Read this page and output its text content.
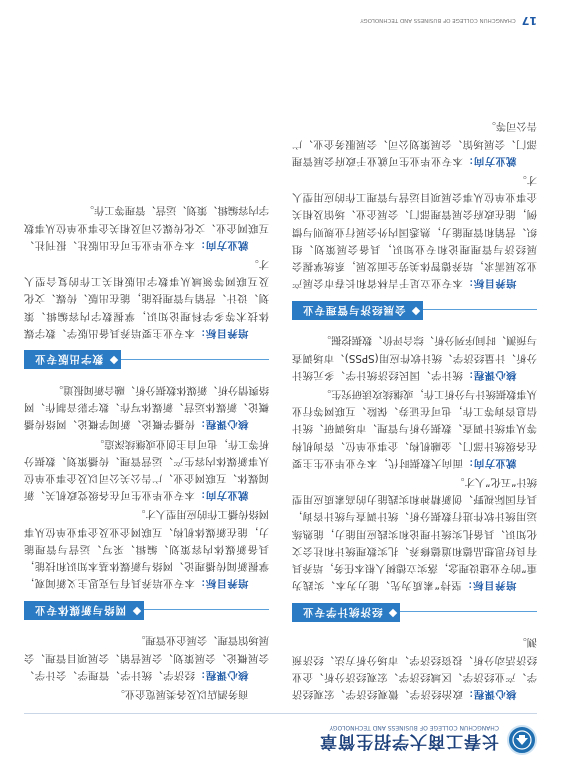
长春工商大学招生简章
CHANGCHUN COLLEGE OF BUSINESS AND TECHNOLOGY

核心课程：政治经济学、微观经济学、宏观经济学、产业经济学、区域经济学、宏观经济分析、企业经济活动分析、投资经济学、市场分析方法、经济预测。

经济统计学专业

培养目标：坚持“素质为先、能力为本、实践为重”的专业建设理念，落实立德树人根本任务，培养具有良好思想品德和道德修养、扎实数理统计和社会文化知识、具备扎实统计理论和实践应用能力，能熟练运用统计软件进行数据分析、统计调查与统计咨询，具有国际视野、创新精神和实践能力的高素质应用型统计“五化”人才。

就业方向：面向大数据时代，本专业毕业生主要在各级统计部门、金融机构、企事业单位、咨询机构等从事统计调查、数据分析与管理、市场调研、统计信息咨询等工作，也可在证券、保险、互联网等行业从事数据统计与分析工作，或继续攻读研究生。

核心课程：统计学、国民经济统计学、多元统计分析、计量经济学、统计软件应用(SPSS)、市场调查与预测、时间序列分析、综合评价、数据挖掘。

会展经济与管理专业

培养目标：本专业立足于吉林省和长春市会展产业发展需求，培养德智体美劳全面发展，系统掌握会展经济与管理理论和专业知识，具备会展策划、组织、营销和管理能力，熟悉国内外会展行业规则与惯例，能在政府会展管理部门、会展企业、场馆及相关企事业单位从事会展项目运营与管理工作的应用型人才。

就业方向：本专业毕业生可就业于政府会展管理部门、会展场馆、会展策划公司、会展服务企业、广告公司等。

商务酒店以及各类展览企业。

核心课程：经济学、统计学、管理学、会计学、会展概论、会展策划、会展营销、会展项目管理、会展场馆管理、会展企业管理。

网络与新媒体专业

培养目标：本专业培养具有马克思主义新闻观，掌握新闻传播理论、网络与新媒体基本知识和技能，具备新媒体内容策划、编辑、采写、运营与管理能力，能在新媒体机构、互联网企业及企事业单位从事网络传播工作的应用型人才。

就业方向：本专业毕业生可在各级党政机关、新闻媒体、互联网企业、广告公关公司以及企事业单位从事新媒体内容生产、运营管理、传播策划、数据分析等工作，也可自主创业或继续深造。

核心课程：传播学概论、新闻学概论、网络传播概论、新媒体运营、新媒体写作、数字影音制作、网络舆情分析、新媒体数据分析、融合新闻报道。

数字出版专业

培养目标：本专业主要培养具备出版学、数字媒体技术等多学科理论知识，掌握数字内容编辑、策划、设计、营销与管理技能，能在出版、传媒、文化及互联网等领域从事数字出版相关工作的复合型人才。

就业方向：本专业毕业生可在出版社、报刊社、互联网企业、文化传媒公司及相关企事业单位从事数字内容编辑、策划、运营、管理等工作。

17
CHANGCHUN COLLEGE OF BUSINESS AND TECHNOLOGY
